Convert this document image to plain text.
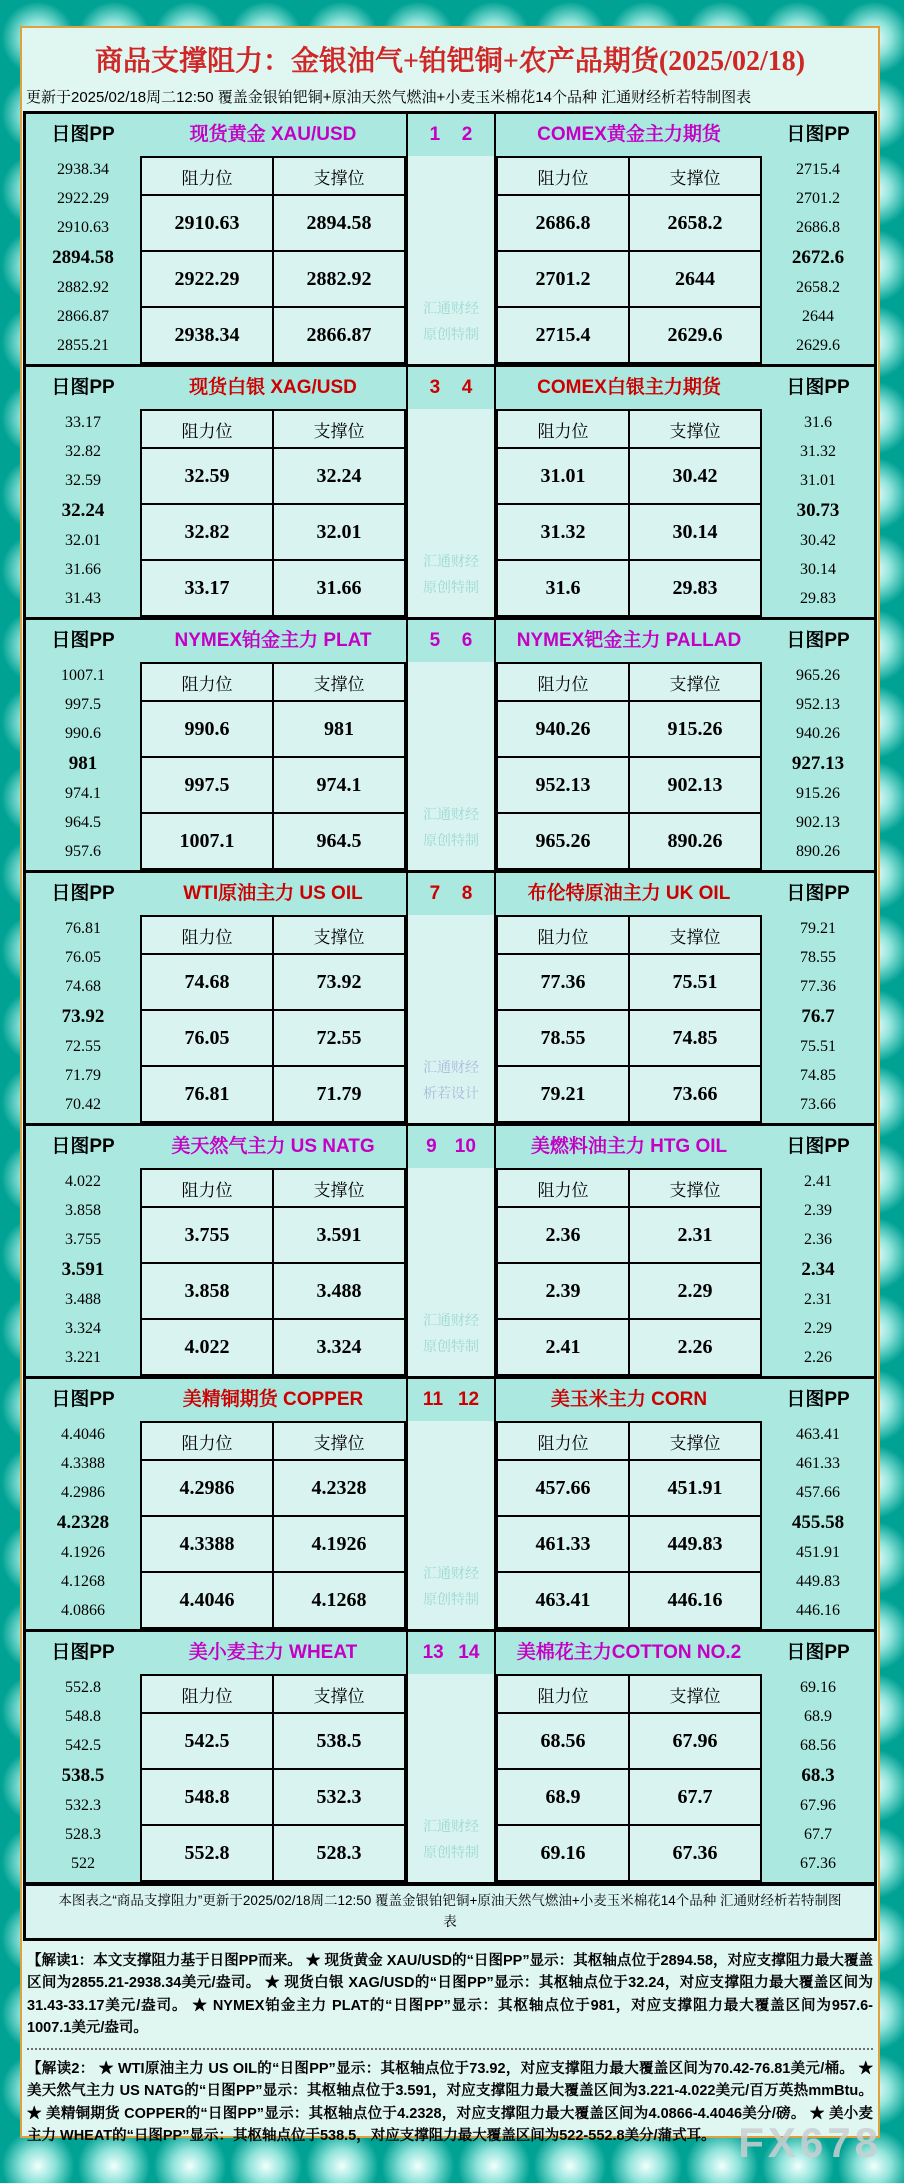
商品支撑阻力：金银油气+铂钯铜+农产品期货(2025/02/18)
更新于2025/02/18周二12:50 覆盖金银铂钯铜+原油天然气燃油+小麦玉米棉花14个品种 汇通财经析若特制图表
日图PP
2938.34
2922.29
2910.63
2894.58
2882.92
2866.87
2855.21
现货黄金 XAU/USD
阻力位	支撑位
2910.63	2894.58
2922.29	2882.92
2938.34	2866.87
1 2
汇通财经
原创特制
COMEX黄金主力期货
阻力位	支撑位
2686.8	2658.2
2701.2	2644
2715.4	2629.6
日图PP
2715.4
2701.2
2686.8
2672.6
2658.2
2644
2629.6
日图PP
33.17
32.82
32.59
32.24
32.01
31.66
31.43
现货白银 XAG/USD
阻力位	支撑位
32.59	32.24
32.82	32.01
33.17	31.66
3 4
汇通财经
原创特制
COMEX白银主力期货
阻力位	支撑位
31.01	30.42
31.32	30.14
31.6	29.83
日图PP
31.6
31.32
31.01
30.73
30.42
30.14
29.83
日图PP
1007.1
997.5
990.6
981
974.1
964.5
957.6
NYMEX铂金主力 PLAT
阻力位	支撑位
990.6	981
997.5	974.1
1007.1	964.5
5 6
汇通财经
原创特制
NYMEX钯金主力 PALLAD
阻力位	支撑位
940.26	915.26
952.13	902.13
965.26	890.26
日图PP
965.26
952.13
940.26
927.13
915.26
902.13
890.26
日图PP
76.81
76.05
74.68
73.92
72.55
71.79
70.42
WTI原油主力 US OIL
阻力位	支撑位
74.68	73.92
76.05	72.55
76.81	71.79
7 8
汇通财经
析若设计
布伦特原油主力 UK OIL
阻力位	支撑位
77.36	75.51
78.55	74.85
79.21	73.66
日图PP
79.21
78.55
77.36
76.7
75.51
74.85
73.66
日图PP
4.022
3.858
3.755
3.591
3.488
3.324
3.221
美天然气主力 US NATG
阻力位	支撑位
3.755	3.591
3.858	3.488
4.022	3.324
9 10
汇通财经
原创特制
美燃料油主力 HTG OIL
阻力位	支撑位
2.36	2.31
2.39	2.29
2.41	2.26
日图PP
2.41
2.39
2.36
2.34
2.31
2.29
2.26
日图PP
4.4046
4.3388
4.2986
4.2328
4.1926
4.1268
4.0866
美精铜期货 COPPER
阻力位	支撑位
4.2986	4.2328
4.3388	4.1926
4.4046	4.1268
11 12
汇通财经
原创特制
美玉米主力 CORN
阻力位	支撑位
457.66	451.91
461.33	449.83
463.41	446.16
日图PP
463.41
461.33
457.66
455.58
451.91
449.83
446.16
日图PP
552.8
548.8
542.5
538.5
532.3
528.3
522
美小麦主力 WHEAT
阻力位	支撑位
542.5	538.5
548.8	532.3
552.8	528.3
13 14
汇通财经
原创特制
美棉花主力COTTON NO.2
阻力位	支撑位
68.56	67.96
68.9	67.7
69.16	67.36
日图PP
69.16
68.9
68.56
68.3
67.96
67.7
67.36
本图表之“商品支撑阻力”更新于2025/02/18周二12:50 覆盖金银铂钯铜+原油天然气燃油+小麦玉米棉花14个品种 汇通财经析若特制图表
【解读1：本文支撑阻力基于日图PP而来。 ★ 现货黄金 XAU/USD的“日图PP”显示：其枢轴点位于2894.58，对应支撑阻力最大覆盖区间为2855.21-2938.34美元/盎司。 ★ 现货白银 XAG/USD的“日图PP”显示：其枢轴点位于32.24，对应支撑阻力最大覆盖区间为31.43-33.17美元/盎司。 ★ NYMEX铂金主力 PLAT的“日图PP”显示：其枢轴点位于981，对应支撑阻力最大覆盖区间为957.6-1007.1美元/盎司。
【解读2： ★ WTI原油主力 US OIL的“日图PP”显示：其枢轴点位于73.92，对应支撑阻力最大覆盖区间为70.42-76.81美元/桶。 ★ 美天然气主力 US NATG的“日图PP”显示：其枢轴点位于3.591，对应支撑阻力最大覆盖区间为3.221-4.022美元/百万英热mmBtu。 ★ 美精铜期货 COPPER的“日图PP”显示：其枢轴点位于4.2328，对应支撑阻力最大覆盖区间为4.0866-4.4046美分/磅。 ★ 美小麦主力 WHEAT的“日图PP”显示：其枢轴点位于538.5，对应支撑阻力最大覆盖区间为522-552.8美分/蒲式耳。 FX678
